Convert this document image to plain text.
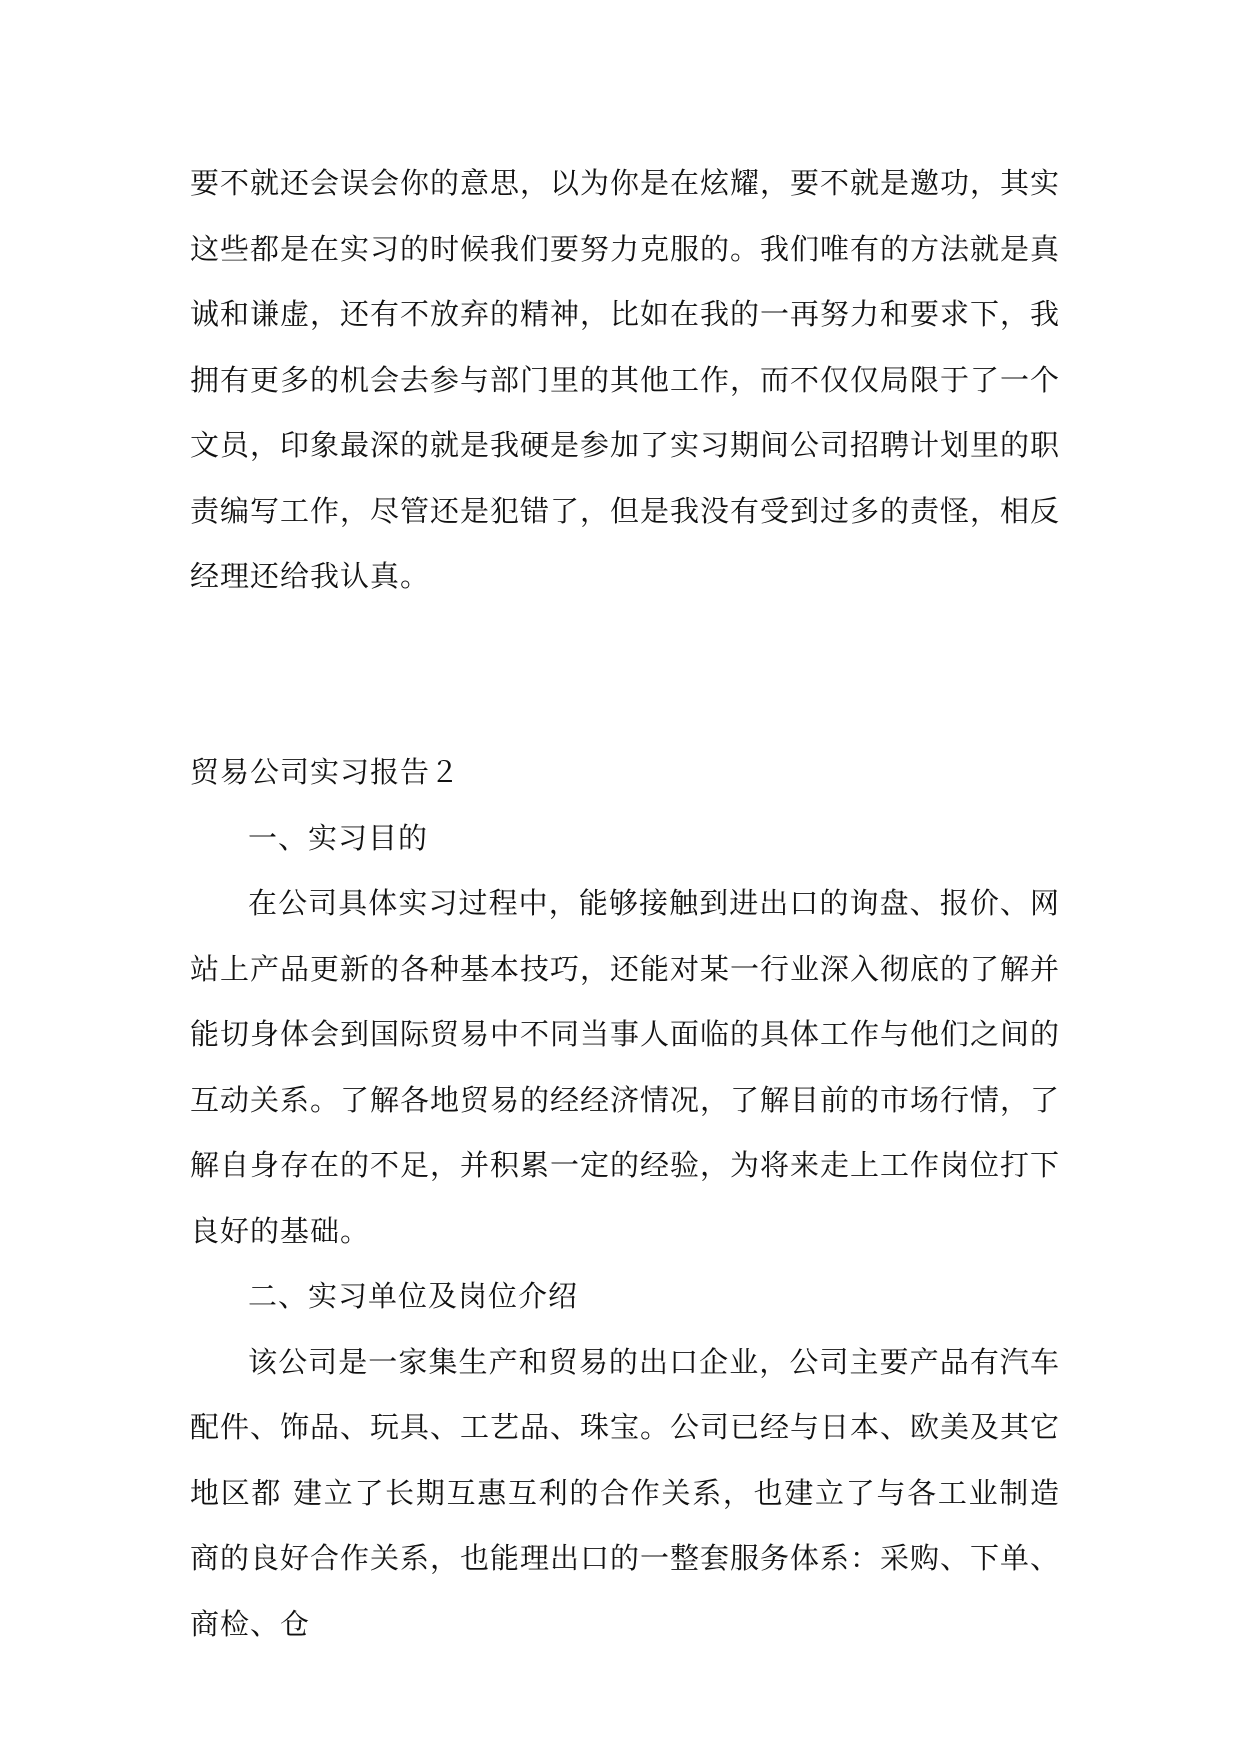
要不就还会误会你的意思，以为你是在炫耀，要不就是邀功，其实这些都是在实习的时候我们要努力克服的。我们唯有的方法就是真诚和谦虚，还有不放弃的精神，比如在我的一再努力和要求下，我拥有更多的机会去参与部门里的其他工作，而不仅仅局限于了一个文员，印象最深的就是我硬是参加了实习期间公司招聘计划里的职责编写工作，尽管还是犯错了，但是我没有受到过多的责怪，相反经理还给我认真。

贸易公司实习报告２

一、实习目的

在公司具体实习过程中，能够接触到进出口的询盘、报价、网站上产品更新的各种基本技巧，还能对某一行业深入彻底的了解并能切身体会到国际贸易中不同当事人面临的具体工作与他们之间的互动关系。了解各地贸易的经经济情况，了解目前的市场行情，了解自身存在的不足，并积累一定的经验，为将来走上工作岗位打下良好的基础。

二、实习单位及岗位介绍

该公司是一家集生产和贸易的出口企业，公司主要产品有汽车配件、饰品、玩具、工艺品、珠宝。公司已经与日本、欧美及其它地区都 建立了长期互惠互利的合作关系，也建立了与各工业制造商的良好合作关系，也能理出口的一整套服务体系：采购、下单、商检、仓
